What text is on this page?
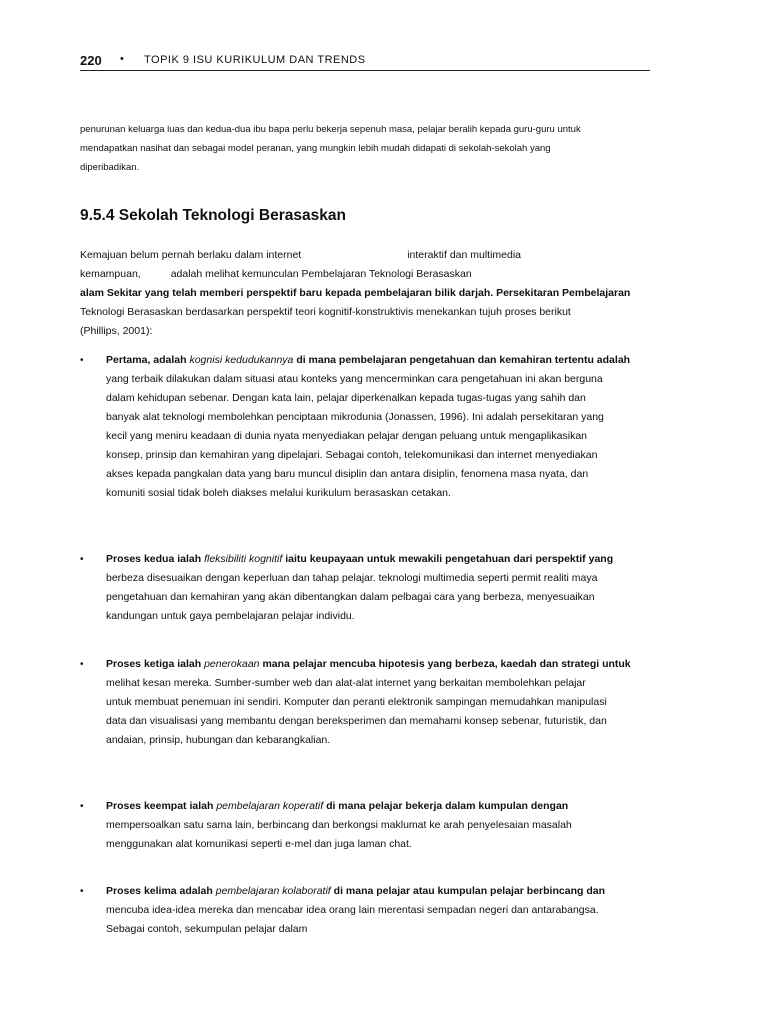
220 • TOPIK 9 ISU KURIKULUM DAN TRENDS
penurunan keluarga luas dan kedua-dua ibu bapa perlu bekerja sepenuh masa, pelajar beralih kepada guru-guru untuk
mendapatkan nasihat dan sebagai model peranan, yang mungkin lebih mudah didapati di sekolah-sekolah yang
diperibadikan.
9.5.4 Sekolah Teknologi Berasaskan
Kemajuan belum pernah berlaku dalam internet	interaktif dan multimedia
kemampuan,	adalah melihat kemunculan Pembelajaran Teknologi Berasaskan
alam Sekitar yang telah memberi perspektif baru kepada pembelajaran bilik darjah. Persekitaran Pembelajaran
Teknologi Berasaskan berdasarkan perspektif teori kognitif-konstruktivis menekankan tujuh proses berikut
(Phillips, 2001):
• Pertama, adalah kognisi kedudukannya di mana pembelajaran pengetahuan dan kemahiran tertentu adalah
yang terbaik dilakukan dalam situasi atau konteks yang mencerminkan cara pengetahuan ini akan berguna
dalam kehidupan sebenar. Dengan kata lain, pelajar diperkenalkan kepada tugas-tugas yang sahih dan
banyak alat teknologi membolehkan penciptaan mikrodunia (Jonassen, 1996). Ini adalah persekitaran yang
kecil yang meniru keadaan di dunia nyata menyediakan pelajar dengan peluang untuk mengaplikasikan
konsep, prinsip dan kemahiran yang dipelajari. Sebagai contoh, telekomunikasi dan internet menyediakan
akses kepada pangkalan data yang baru muncul disiplin dan antara disiplin, fenomena masa nyata, dan
komuniti sosial tidak boleh diakses melalui kurikulum berasaskan cetakan.
• Proses kedua ialah fleksibiliti kognitif iaitu keupayaan untuk mewakili pengetahuan dari perspektif yang
berbeza disesuaikan dengan keperluan dan tahap pelajar. teknologi multimedia seperti permit realiti maya
pengetahuan dan kemahiran yang akan dibentangkan dalam pelbagai cara yang berbeza, menyesuaikan
kandungan untuk gaya pembelajaran pelajar individu.
• Proses ketiga ialah penerokaan mana pelajar mencuba hipotesis yang berbeza, kaedah dan strategi untuk
melihat kesan mereka. Sumber-sumber web dan alat-alat internet yang berkaitan membolehkan pelajar
untuk membuat penemuan ini sendiri. Komputer dan peranti elektronik sampingan memudahkan manipulasi
data dan visualisasi yang membantu dengan bereksperimen dan memahami konsep sebenar, futuristik, dan
andaian, prinsip, hubungan dan kebarangkalian.
• Proses keempat ialah pembelajaran koperatif di mana pelajar bekerja dalam kumpulan dengan
mempersoalkan satu sama lain, berbincang dan berkongsi maklumat ke arah penyelesaian masalah
menggunakan alat komunikasi seperti e-mel dan juga laman chat.
• Proses kelima adalah pembelajaran kolaboratif di mana pelajar atau kumpulan pelajar berbincang dan
mencuba idea-idea mereka dan mencabar idea orang lain merentasi sempadan negeri dan antarabangsa.
Sebagai contoh, sekumpulan pelajar dalam
